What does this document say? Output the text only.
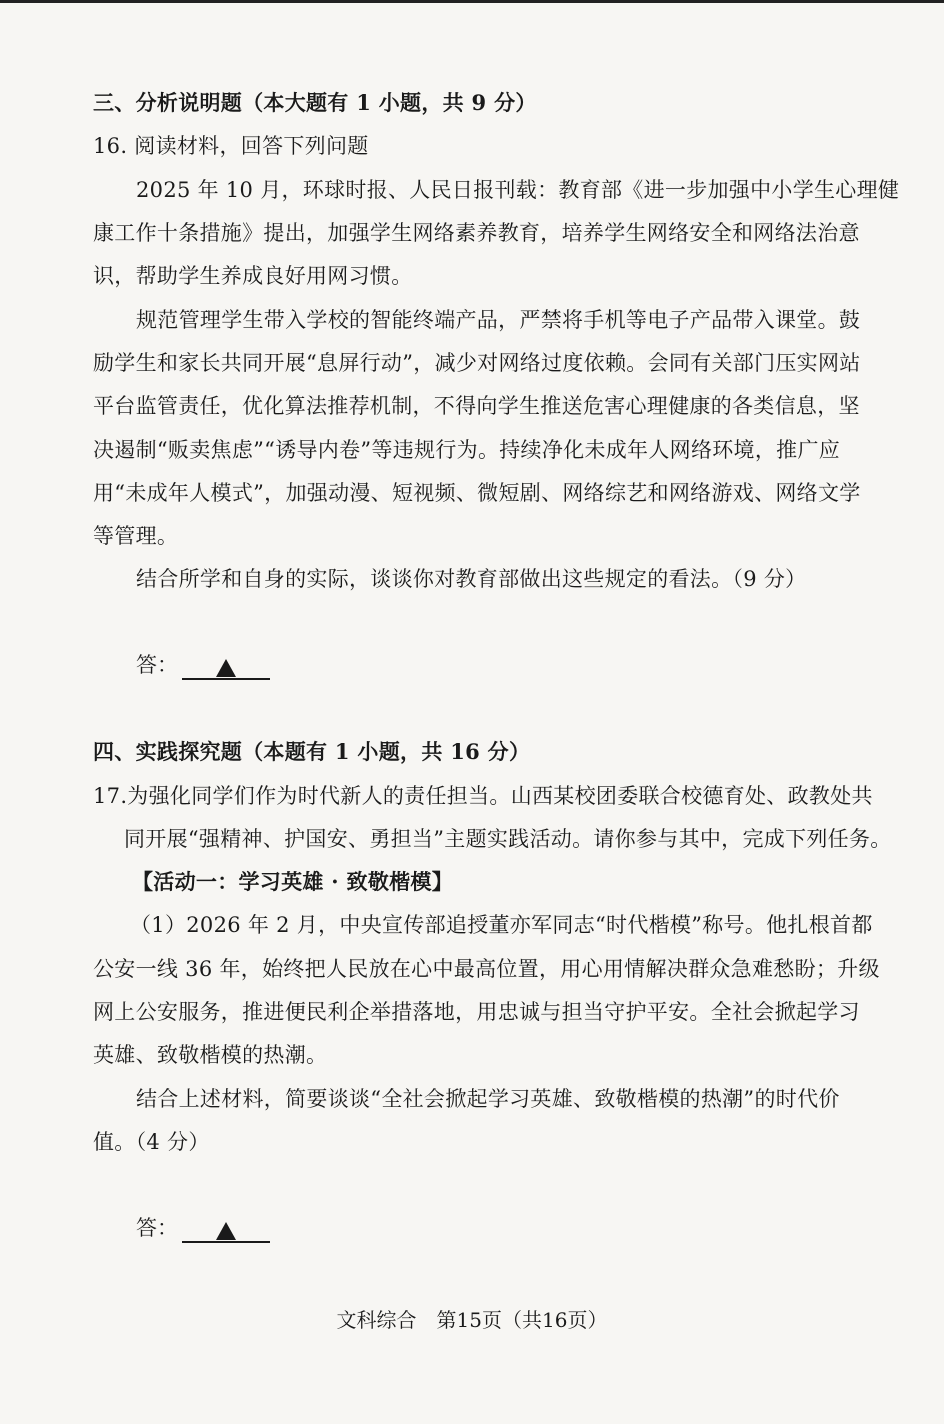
三、分析说明题（本大题有 1 小题，共 9 分）
16. 阅读材料，回答下列问题
2025 年 10 月，环球时报、人民日报刊载：教育部《进一步加强中小学生心理健
康工作十条措施》提出，加强学生网络素养教育，培养学生网络安全和网络法治意
识，帮助学生养成良好用网习惯。
规范管理学生带入学校的智能终端产品，严禁将手机等电子产品带入课堂。鼓
励学生和家长共同开展“息屏行动”，减少对网络过度依赖。会同有关部门压实网站
平台监管责任，优化算法推荐机制，不得向学生推送危害心理健康的各类信息，坚
决遏制“贩卖焦虑”“诱导内卷”等违规行为。持续净化未成年人网络环境，推广应
用“未成年人模式”，加强动漫、短视频、微短剧、网络综艺和网络游戏、网络文学
等管理。
结合所学和自身的实际，谈谈你对教育部做出这些规定的看法。（9 分）
答：
四、实践探究题（本题有 1 小题，共 16 分）
17.为强化同学们作为时代新人的责任担当。山西某校团委联合校德育处、政教处共
同开展“强精神、护国安、勇担当”主题实践活动。请你参与其中，完成下列任务。
【活动一：学习英雄 · 致敬楷模】
（1）2026 年 2 月，中央宣传部追授董亦军同志“时代楷模”称号。他扎根首都
公安一线 36 年，始终把人民放在心中最高位置，用心用情解决群众急难愁盼；升级
网上公安服务，推进便民利企举措落地，用忠诚与担当守护平安。全社会掀起学习
英雄、致敬楷模的热潮。
结合上述材料，简要谈谈“全社会掀起学习英雄、致敬楷模的热潮”的时代价
值。（4 分）
答：
文科综合　第15页（共16页）
